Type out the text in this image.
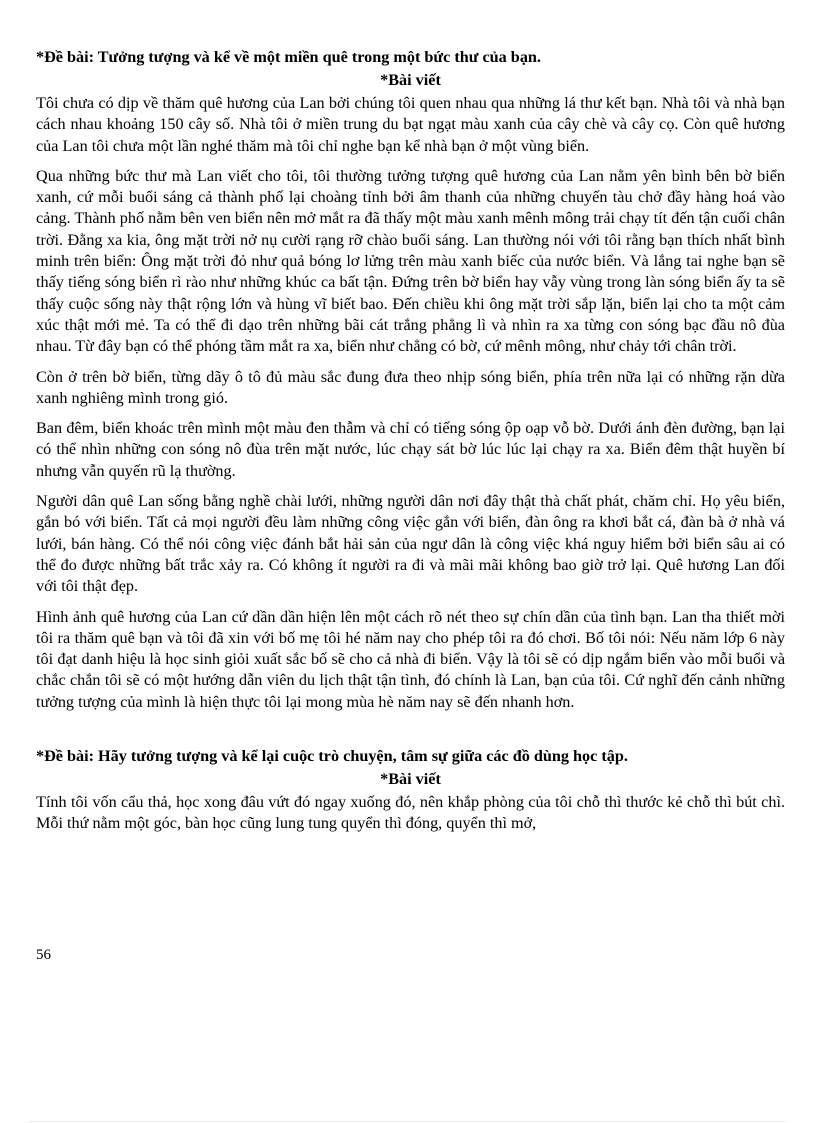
*Đề bài: Tưởng tượng và kể về một miền quê trong một bức thư của bạn.

*Bài viết

Tôi chưa có dịp về thăm quê hương của Lan bởi chúng tôi quen nhau qua những lá thư kết bạn. Nhà tôi và nhà bạn cách nhau khoảng 150 cây số. Nhà tôi ở miền trung du bạt ngạt màu xanh của cây chè và cây cọ. Còn quê hương của Lan tôi chưa một lần nghé thăm mà tôi chỉ nghe bạn kể nhà bạn ở một vùng biển.

Qua những bức thư mà Lan viết cho tôi, tôi thường tưởng tượng quê hương của Lan nằm yên bình bên bờ biển xanh, cứ mỗi buổi sáng cả thành phố lại choàng tỉnh bởi âm thanh của những chuyến tàu chở đầy hàng hoá vào cảng. Thành phố nằm bên ven biển nên mở mắt ra đã thấy một màu xanh mênh mông trải chạy tít đến tận cuối chân trời. Đằng xa kia, ông mặt trời nở nụ cười rạng rỡ chào buổi sáng. Lan thường nói với tôi rằng bạn thích nhất bình minh trên biển: Ông mặt trời đỏ như quả bóng lơ lửng trên màu xanh biếc của nước biển. Và lắng tai nghe bạn sẽ thấy tiếng sóng biển rì rào như những khúc ca bất tận. Đứng trên bờ biển hay vẫy vùng trong làn sóng biển ấy ta sẽ thấy cuộc sống này thật rộng lớn và hùng vĩ biết bao. Đến chiều khi ông mặt trời sắp lặn, biển lại cho ta một cảm xúc thật mới mẻ. Ta có thể đi dạo trên những bãi cát trắng phẳng lì và nhìn ra xa từng con sóng bạc đầu nô đùa nhau. Từ đây bạn có thể phóng tầm mắt ra xa, biển như chẳng có bờ, cứ mênh mông, như chảy tới chân trời.

Còn ở trên bờ biển, từng dãy ô tô đủ màu sắc đung đưa theo nhịp sóng biển, phía trên nữa lại có những rặn dừa xanh nghiêng mình trong gió.

Ban đêm, biển khoác trên mình một màu đen thẫm và chỉ có tiếng sóng ộp oạp vỗ bờ. Dưới ánh đèn đường, bạn lại có thể nhìn những con sóng nô đùa trên mặt nước, lúc chạy sát bờ lúc lúc lại chạy ra xa. Biển đêm thật huyền bí nhưng vẫn quyến rũ lạ thường.

Người dân quê Lan sống bằng nghề chài lưới, những người dân nơi đây thật thà chất phát, chăm chỉ. Họ yêu biển, gắn bó với biển. Tất cả mọi người đều làm những công việc gắn với biển, đàn ông ra khơi bắt cá, đàn bà ở nhà vá lưới, bán hàng. Có thể nói công việc đánh bắt hải sản của ngư dân là công việc khá nguy hiểm bởi biển sâu ai có thể đo được những bất trắc xảy ra. Có không ít người ra đi và mãi mãi không bao giờ trở lại. Quê hương Lan đối với tôi thật đẹp.

Hình ảnh quê hương của Lan cứ dần dần hiện lên một cách rõ nét theo sự chín dần của tình bạn. Lan tha thiết mời tôi ra thăm quê bạn và tôi đã xin với bố mẹ tôi hé năm nay cho phép tôi ra đó chơi. Bố tôi nói: Nếu năm lớp 6 này tôi đạt danh hiệu là học sinh giỏi xuất sắc bố sẽ cho cả nhà đi biển. Vậy là tôi sẽ có dịp ngắm biển vào mỗi buổi và chắc chắn tôi sẽ có một hướng dẫn viên du lịch thật tận tình, đó chính là Lan, bạn của tôi. Cứ nghĩ đến cảnh những tưởng tượng của mình là hiện thực tôi lại mong mùa hè năm nay sẽ đến nhanh hơn.

*Đề bài: Hãy tưởng tượng và kể lại cuộc trò chuyện, tâm sự giữa các đồ dùng học tập.

*Bài viết

Tính tôi vốn cẩu thả, học xong đâu vứt đó ngay xuống đó, nên khắp phòng của tôi chỗ thì thước kẻ chỗ thì bút chì. Mỗi thứ nằm một góc, bàn học cũng lung tung quyển thì đóng, quyển thì mở,

56
